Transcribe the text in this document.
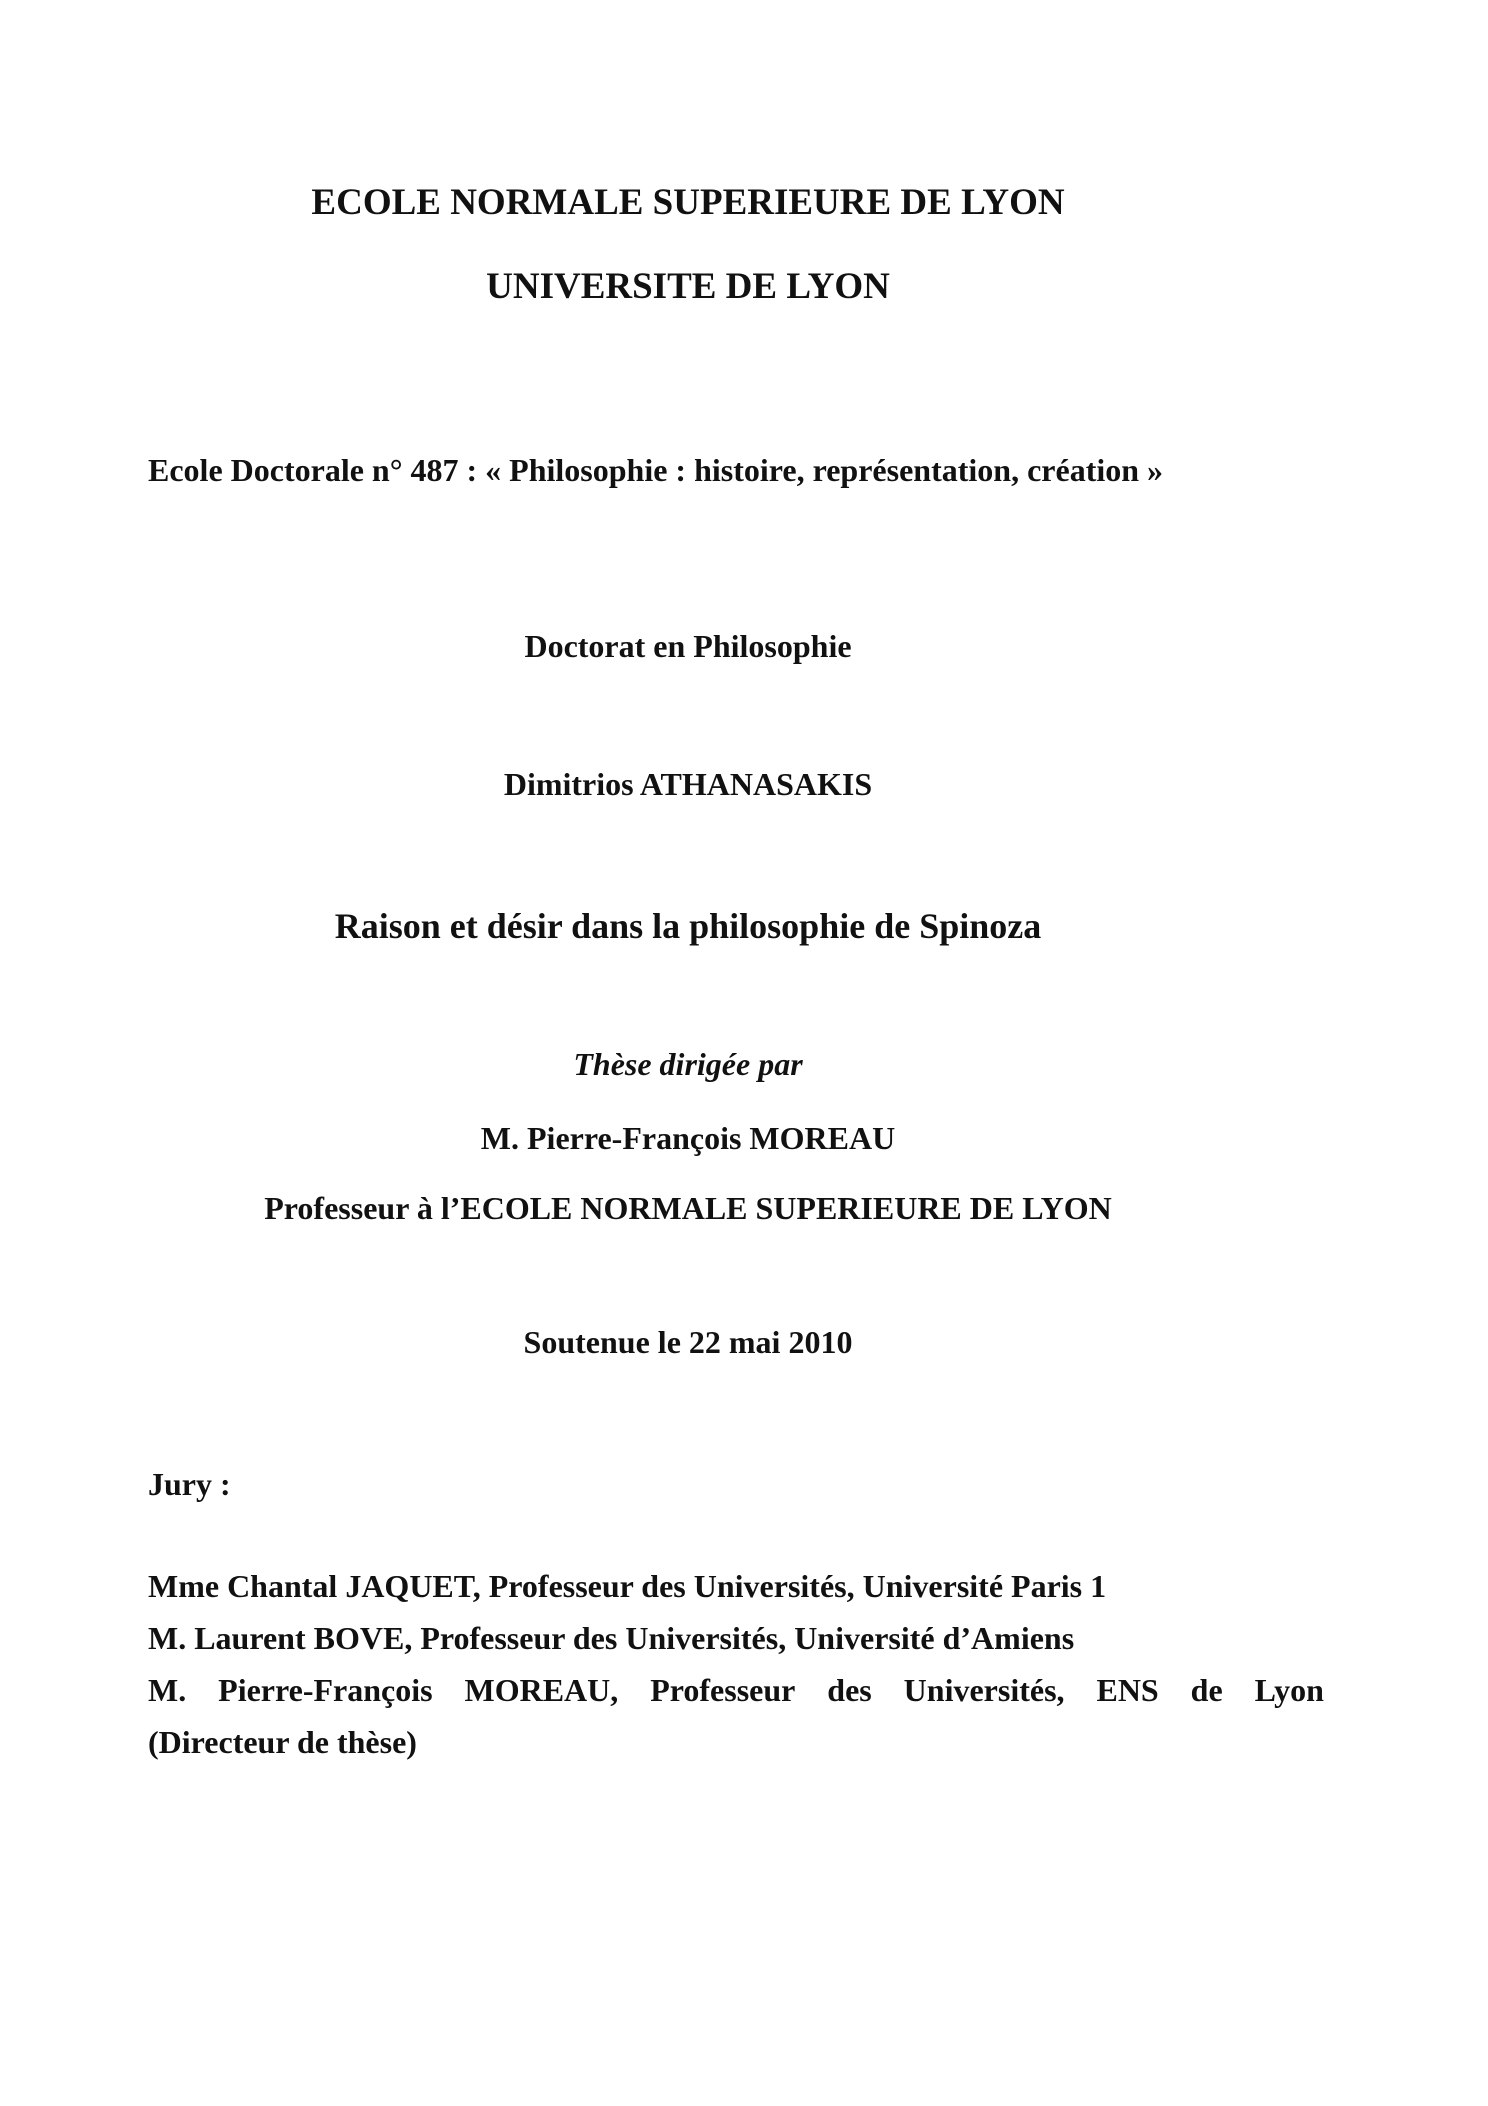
ECOLE NORMALE SUPERIEURE DE LYON
UNIVERSITE DE LYON
Ecole Doctorale n° 487 : « Philosophie : histoire, représentation, création »
Doctorat en Philosophie
Dimitrios ATHANASAKIS
Raison et désir dans la philosophie de Spinoza
Thèse dirigée par
M. Pierre-François MOREAU
Professeur à l’ECOLE NORMALE SUPERIEURE DE LYON
Soutenue le 22 mai 2010
Jury :
Mme Chantal JAQUET, Professeur des Universités, Université Paris 1
M. Laurent BOVE, Professeur des Universités, Université d’Amiens
M. Pierre-François MOREAU, Professeur des Universités, ENS de Lyon
(Directeur de thèse)
